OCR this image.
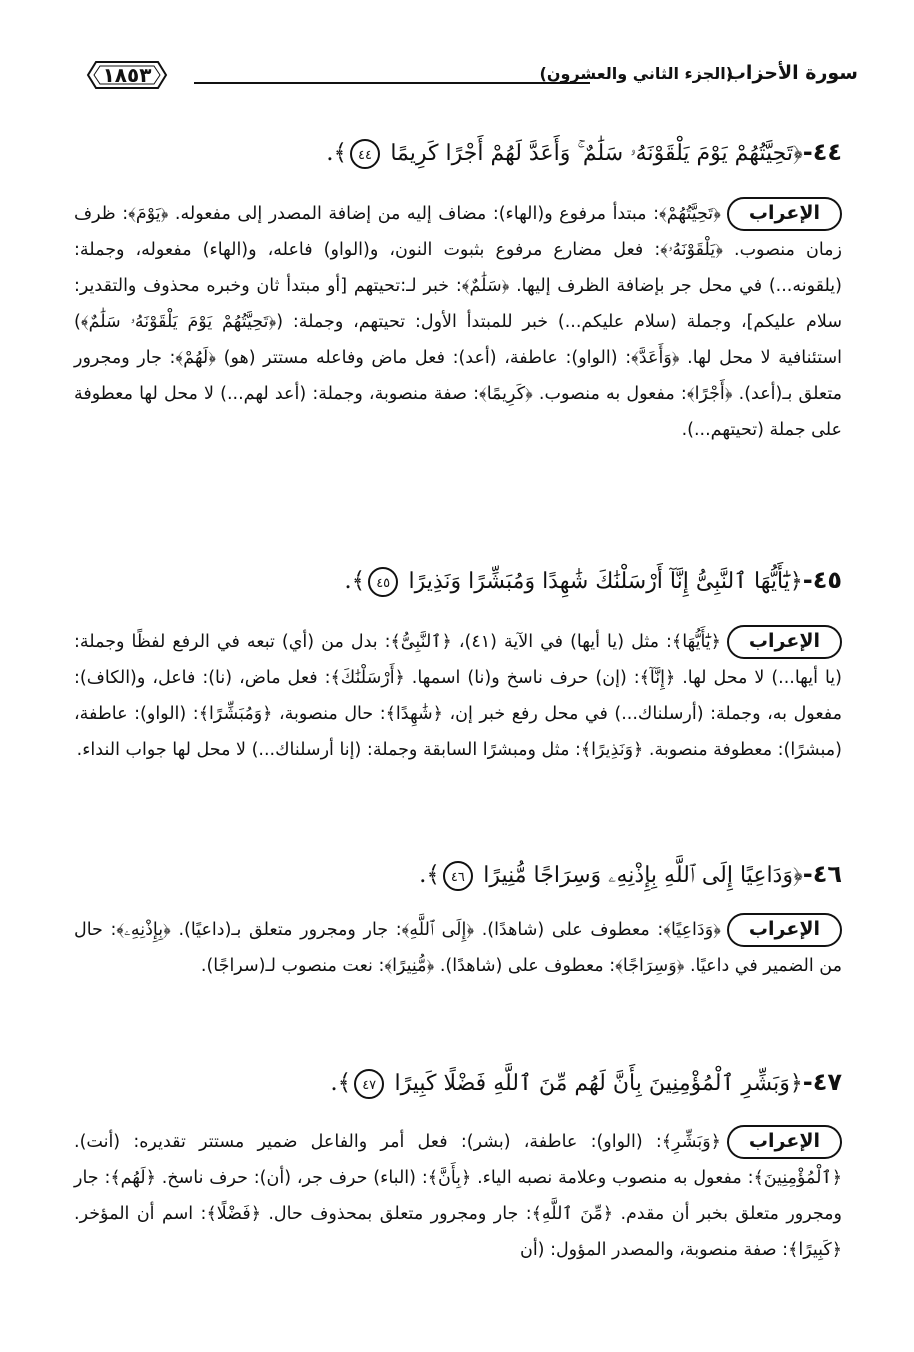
١٨٥٣	(الجزء الثاني والعشرون)
سورة الأحزاب
٤٤-﴿تَحِيَّتُهُمْ يَوْمَ يَلْقَوْنَهُۥ سَلَٰمٌ ۚ وَأَعَدَّ لَهُمْ أَجْرًا كَرِيمًا ٤٤﴾.
الإعراب﴿تَحِيَّتُهُمْ﴾: مبتدأ مرفوع و(الهاء): مضاف إليه من إضافة المصدر إلى مفعوله. ﴿يَوْمَ﴾: ظرف زمان منصوب. ﴿يَلْقَوْنَهُۥ﴾: فعل مضارع مرفوع بثبوت النون، و(الواو) فاعله، و(الهاء) مفعوله، وجملة: (يلقونه...) في محل جر بإضافة الظرف إليها. ﴿سَلَٰمٌ﴾: خبر لـ:تحيتهم [أو مبتدأ ثان وخبره محذوف والتقدير: سلام عليكم]، وجملة (سلام عليكم...) خبر للمبتدأ الأول: تحيتهم، وجملة: (﴿تَحِيَّتُهُمْ يَوْمَ يَلْقَوْنَهُۥ سَلَٰمٌ﴾) استئنافية لا محل لها. ﴿وَأَعَدَّ﴾: (الواو): عاطفة، (أعد): فعل ماض وفاعله مستتر (هو) ﴿لَهُمْ﴾: جار ومجرور متعلق بـ(أعد). ﴿أَجْرًا﴾: مفعول به منصوب. ﴿كَرِيمًا﴾: صفة منصوبة، وجملة: (أعد لهم...) لا محل لها معطوفة على جملة (تحيتهم...).
٤٥-﴿يَٰٓأَيُّهَا ٱلنَّبِىُّ إِنَّآ أَرْسَلْنَٰكَ شَٰهِدًا وَمُبَشِّرًا وَنَذِيرًا ٤٥﴾.
الإعراب﴿يَٰٓأَيُّهَا﴾: مثل (يا أيها) في الآية (٤١)، ﴿ٱلنَّبِىُّ﴾: بدل من (أي) تبعه في الرفع لفظًا وجملة: (يا أيها...) لا محل لها. ﴿إِنَّآ﴾: (إن) حرف ناسخ و(نا) اسمها. ﴿أَرْسَلْنَٰكَ﴾: فعل ماض، (نا): فاعل، و(الكاف): مفعول به، وجملة: (أرسلناك...) في محل رفع خبر إن، ﴿شَٰهِدًا﴾: حال منصوبة، ﴿وَمُبَشِّرًا﴾: (الواو): عاطفة، (مبشرًا): معطوفة منصوبة. ﴿وَنَذِيرًا﴾: مثل ومبشرًا السابقة وجملة: (إنا أرسلناك...) لا محل لها جواب النداء.
٤٦-﴿وَدَاعِيًا إِلَى ٱللَّهِ بِإِذْنِهِۦ وَسِرَاجًا مُّنِيرًا ٤٦﴾.
الإعراب﴿وَدَاعِيًا﴾: معطوف على (شاهدًا). ﴿إِلَى ٱللَّهِ﴾: جار ومجرور متعلق بـ(داعيًا). ﴿بِإِذْنِهِۦ﴾: حال من الضمير في داعيًا. ﴿وَسِرَاجًا﴾: معطوف على (شاهدًا). ﴿مُّنِيرًا﴾: نعت منصوب لـ(سراجًا).
٤٧-﴿وَبَشِّرِ ٱلْمُؤْمِنِينَ بِأَنَّ لَهُم مِّنَ ٱللَّهِ فَضْلًا كَبِيرًا ٤٧﴾.
الإعراب﴿وَبَشِّرِ﴾: (الواو): عاطفة، (بشر): فعل أمر والفاعل ضمير مستتر تقديره: (أنت). ﴿ٱلْمُؤْمِنِينَ﴾: مفعول به منصوب وعلامة نصبه الياء. ﴿بِأَنَّ﴾: (الباء) حرف جر، (أن): حرف ناسخ. ﴿لَهُم﴾: جار ومجرور متعلق بخبر أن مقدم. ﴿مِّنَ ٱللَّهِ﴾: جار ومجرور متعلق بمحذوف حال. ﴿فَضْلًا﴾: اسم أن المؤخر. ﴿كَبِيرًا﴾: صفة منصوبة، والمصدر المؤول: (أن
